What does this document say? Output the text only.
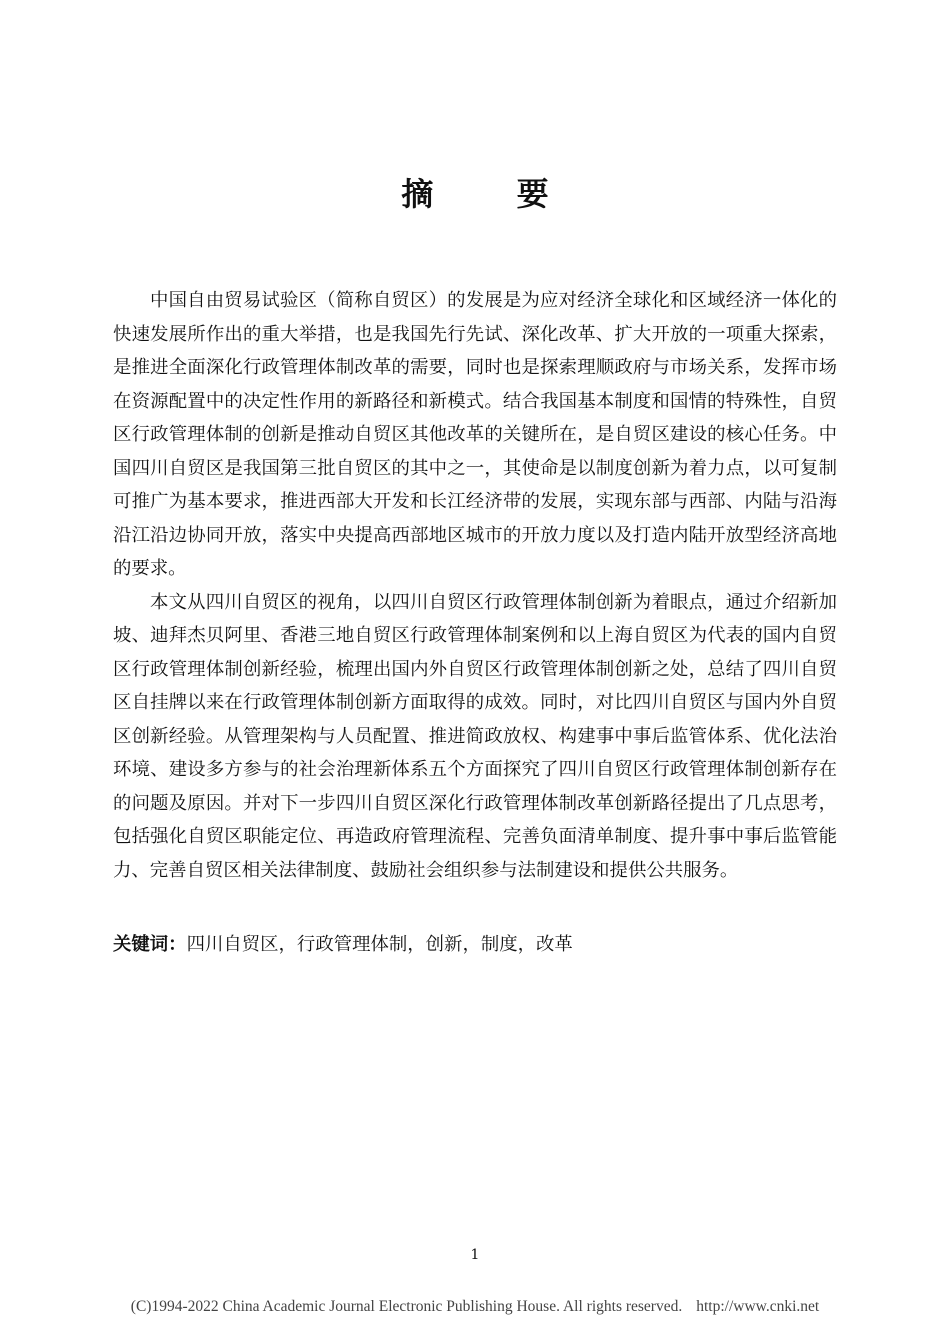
摘 要

中国自由贸易试验区（简称自贸区）的发展是为应对经济全球化和区域经济一体化的快速发展所作出的重大举措，也是我国先行先试、深化改革、扩大开放的一项重大探索，是推进全面深化行政管理体制改革的需要，同时也是探索理顺政府与市场关系，发挥市场在资源配置中的决定性作用的新路径和新模式。结合我国基本制度和国情的特殊性，自贸区行政管理体制的创新是推动自贸区其他改革的关键所在，是自贸区建设的核心任务。中国四川自贸区是我国第三批自贸区的其中之一，其使命是以制度创新为着力点，以可复制可推广为基本要求，推进西部大开发和长江经济带的发展，实现东部与西部、内陆与沿海沿江沿边协同开放，落实中央提高西部地区城市的开放力度以及打造内陆开放型经济高地的要求。

本文从四川自贸区的视角，以四川自贸区行政管理体制创新为着眼点，通过介绍新加坡、迪拜杰贝阿里、香港三地自贸区行政管理体制案例和以上海自贸区为代表的国内自贸区行政管理体制创新经验，梳理出国内外自贸区行政管理体制创新之处，总结了四川自贸区自挂牌以来在行政管理体制创新方面取得的成效。同时，对比四川自贸区与国内外自贸区创新经验。从管理架构与人员配置、推进简政放权、构建事中事后监管体系、优化法治环境、建设多方参与的社会治理新体系五个方面探究了四川自贸区行政管理体制创新存在的问题及原因。并对下一步四川自贸区深化行政管理体制改革创新路径提出了几点思考，包括强化自贸区职能定位、再造政府管理流程、完善负面清单制度、提升事中事后监管能力、完善自贸区相关法律制度、鼓励社会组织参与法制建设和提供公共服务。

关键词：四川自贸区，行政管理体制，创新，制度，改革
1
(C)1994-2022 China Academic Journal Electronic Publishing House. All rights reserved. http://www.cnki.net
